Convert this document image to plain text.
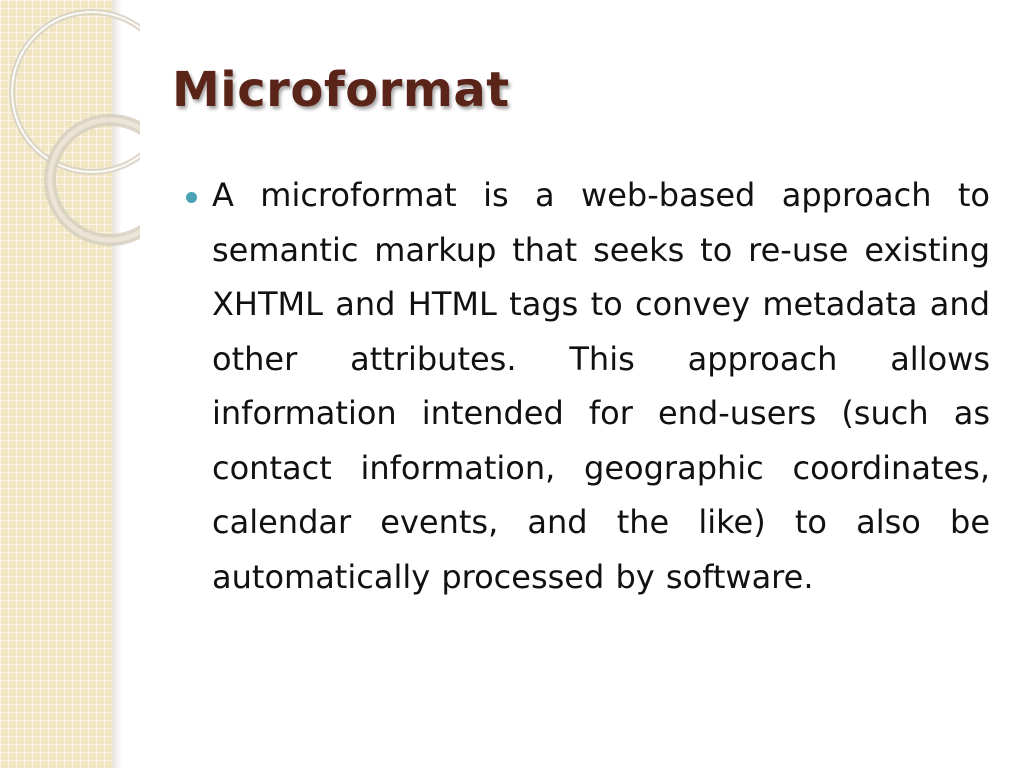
Microformat

A microformat is a web-based approach to semantic markup that seeks to re-use existing XHTML and HTML tags to convey metadata and other attributes. This approach allows information intended for end-users (such as contact information, geographic coordinates, calendar events, and the like) to also be automatically processed by software.
